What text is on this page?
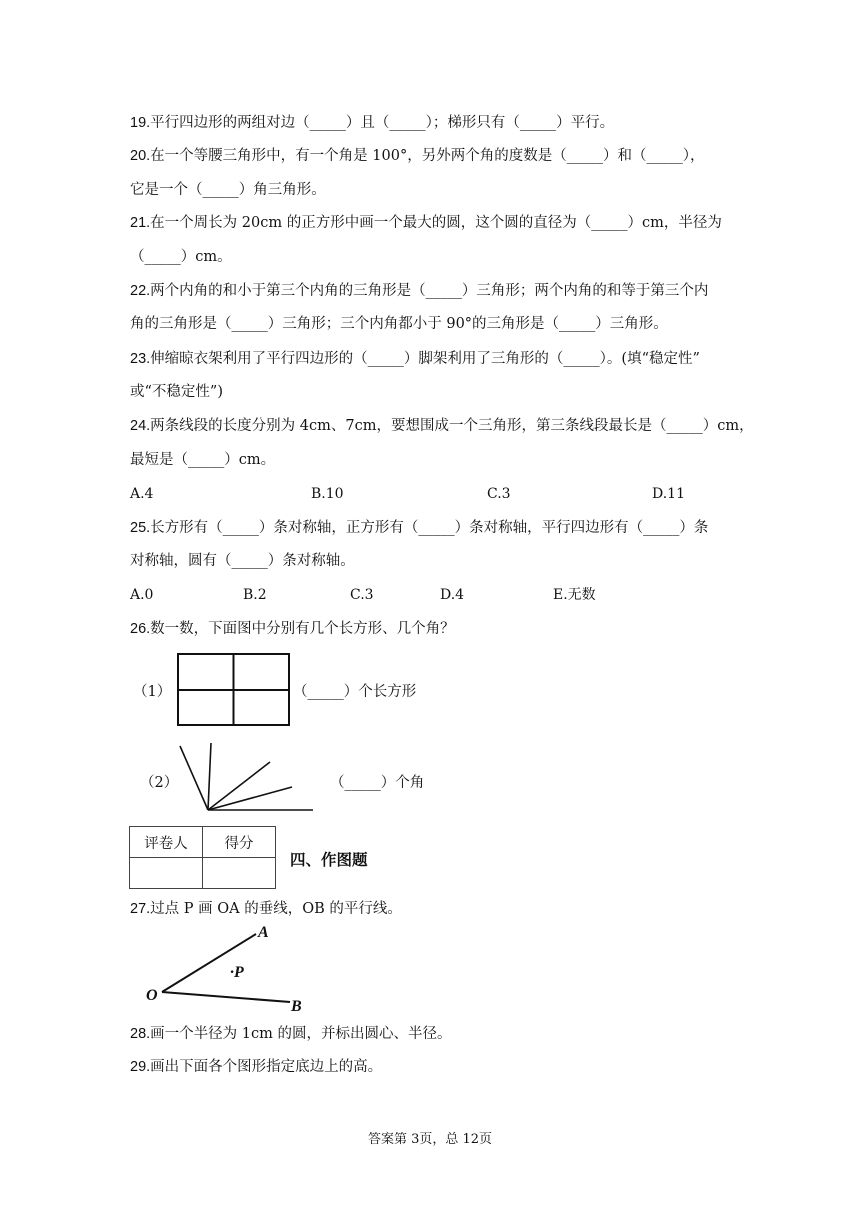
19.平行四边形的两组对边（_____）且（_____）；梯形只有（_____）平行。
20.在一个等腰三角形中，有一个角是 100°，另外两个角的度数是（_____）和（_____），
它是一个（_____）角三角形。
21.在一个周长为 20cm 的正方形中画一个最大的圆，这个圆的直径为（_____）cm，半径为
（_____）cm。
22.两个内角的和小于第三个内角的三角形是（_____）三角形；两个内角的和等于第三个内
角的三角形是（_____）三角形；三个内角都小于 90°的三角形是（_____）三角形。
23.伸缩晾衣架利用了平行四边形的（_____）脚架利用了三角形的（_____）。(填“稳定性”
或“不稳定性”)
24.两条线段的长度分别为 4cm、7cm，要想围成一个三角形，第三条线段最长是（_____）cm，
最短是（_____）cm。
A.4	B.10	C.3	D.11
25.长方形有（_____）条对称轴，正方形有（_____）条对称轴，平行四边形有（_____）条
对称轴，圆有（_____）条对称轴。
A.0	B.2	C.3	D.4	E.无数
26.数一数，下面图中分别有几个长方形、几个角？
（1）	（_____）个长方形
（2）	（_____）个角
评卷人	得分

四、作图题
27.过点 P 画 OA 的垂线，OB 的平行线。
A
·P
O
B
28.画一个半径为 1cm 的圆，并标出圆心、半径。
29.画出下面各个图形指定底边上的高。
答案第 3页，总 12页
